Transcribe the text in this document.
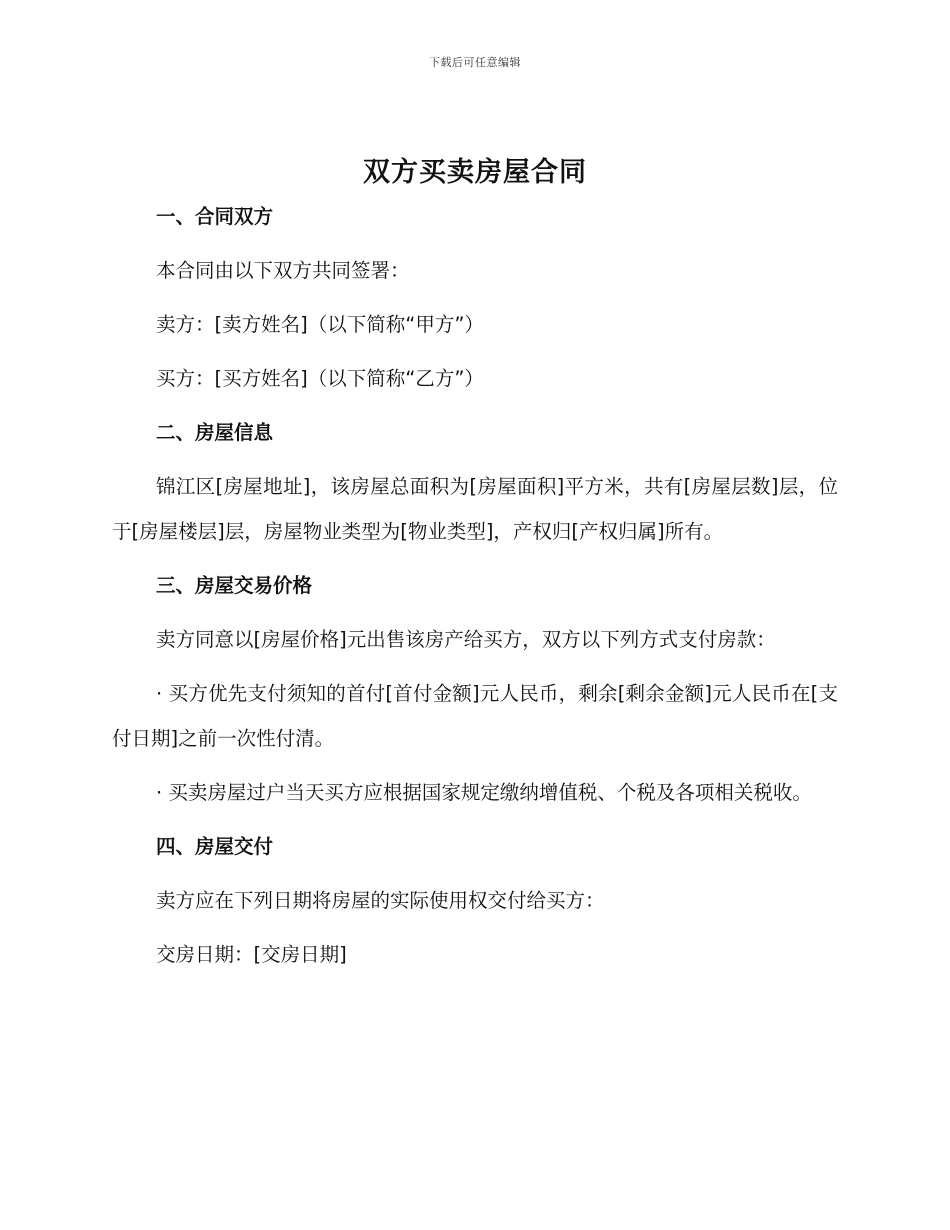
下载后可任意编辑
双方买卖房屋合同

一、合同双方

本合同由以下双方共同签署：

卖方：[卖方姓名]（以下简称“甲方”）

买方：[买方姓名]（以下简称“乙方”）

二、房屋信息

锦江区[房屋地址]，该房屋总面积为[房屋面积]平方米，共有[房屋层数]层，位于[房屋楼层]层，房屋物业类型为[物业类型]，产权归[产权归属]所有。

三、房屋交易价格

卖方同意以[房屋价格]元出售该房产给买方，双方以下列方式支付房款：

· 买方优先支付须知的首付[首付金额]元人民币，剩余[剩余金额]元人民币在[支付日期]之前一次性付清。

· 买卖房屋过户当天买方应根据国家规定缴纳增值税、个税及各项相关税收。

四、房屋交付

卖方应在下列日期将房屋的实际使用权交付给买方：

交房日期：[交房日期]
